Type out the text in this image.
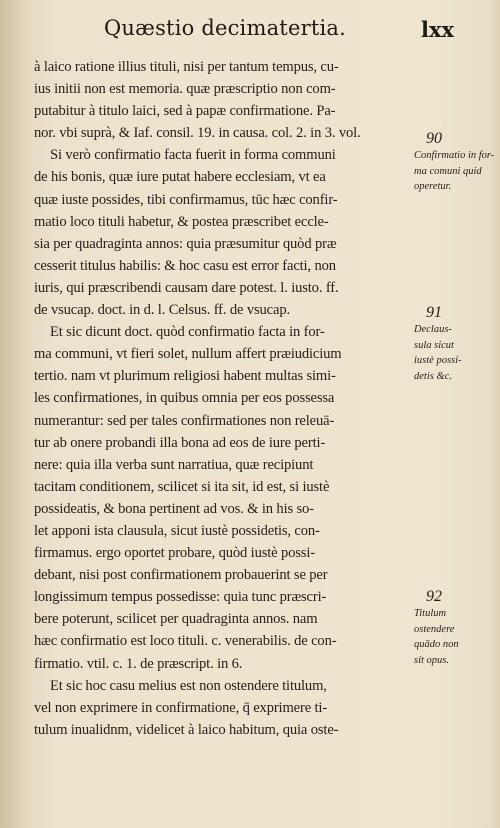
Quæstio decimatertia.	lxx
à laico ratione illius tituli, nisi per tantum tempus, cu-
ius initii non est memoria. quæ præscriptio non com-
putabitur à titulo laici, sed à papæ confirmatione. Pa-
nor. vbi suprà, & Iaf. consil. 19. in causa. col. 2. in 3. vol.
Si verò confirmatio facta fuerit in forma communi
de his bonis, quæ iure putat habere ecclesiam, vt ea
quæ iuste possides, tibi confirmamus, tūc hæc confir-
matio loco tituli habetur, & postea præscribet eccle-
sia per quadraginta annos: quia præsumitur quòd præ
cesserit titulus habilis: & hoc casu est error facti, non
iuris, qui præscribendi causam dare potest. l. iusto. ff.
de vsucap. doct. in d. l. Celsus. ff. de vsucap.
Et sic dicunt doct. quòd confirmatio facta in for-
ma communi, vt fieri solet, nullum affert præiudicium
tertio. nam vt plurimum religiosi habent multas simi-
les confirmationes, in quibus omnia per eos possessa
numerantur: sed per tales confirmationes non releuā-
tur ab onere probandi illa bona ad eos de iure perti-
nere: quia illa verba sunt narratiua, quæ recipiunt
tacitam conditionem, scilicet si ita sit, id est, si iustè
possideatis, & bona pertinent ad vos. & in his so-
let apponi ista clausula, sicut iustè possidetis, con-
firmamus. ergo oportet probare, quòd iustè possi-
debant, nisi post confirmationem probauerint se per
longissimum tempus possedisse: quia tunc præscri-
bere poterunt, scilicet per quadraginta annos. nam
hæc confirmatio est loco tituli. c. venerabilis. de con-
firmatio. vtil. c. 1. de præscript. in 6.
Et sic hoc casu melius est non ostendere titulum,
vel non exprimere in confirmatione, q̄ exprimere ti-
tulum inualidnm, videlicet à laico habitum, quia oste-
90
Confirmatio in for-
ma comuni quid
operetur.
91
Declaus-
sula sicut
iustè possi-
detis &c.
92
Titulum
ostendere
quādo non
sit opus.
